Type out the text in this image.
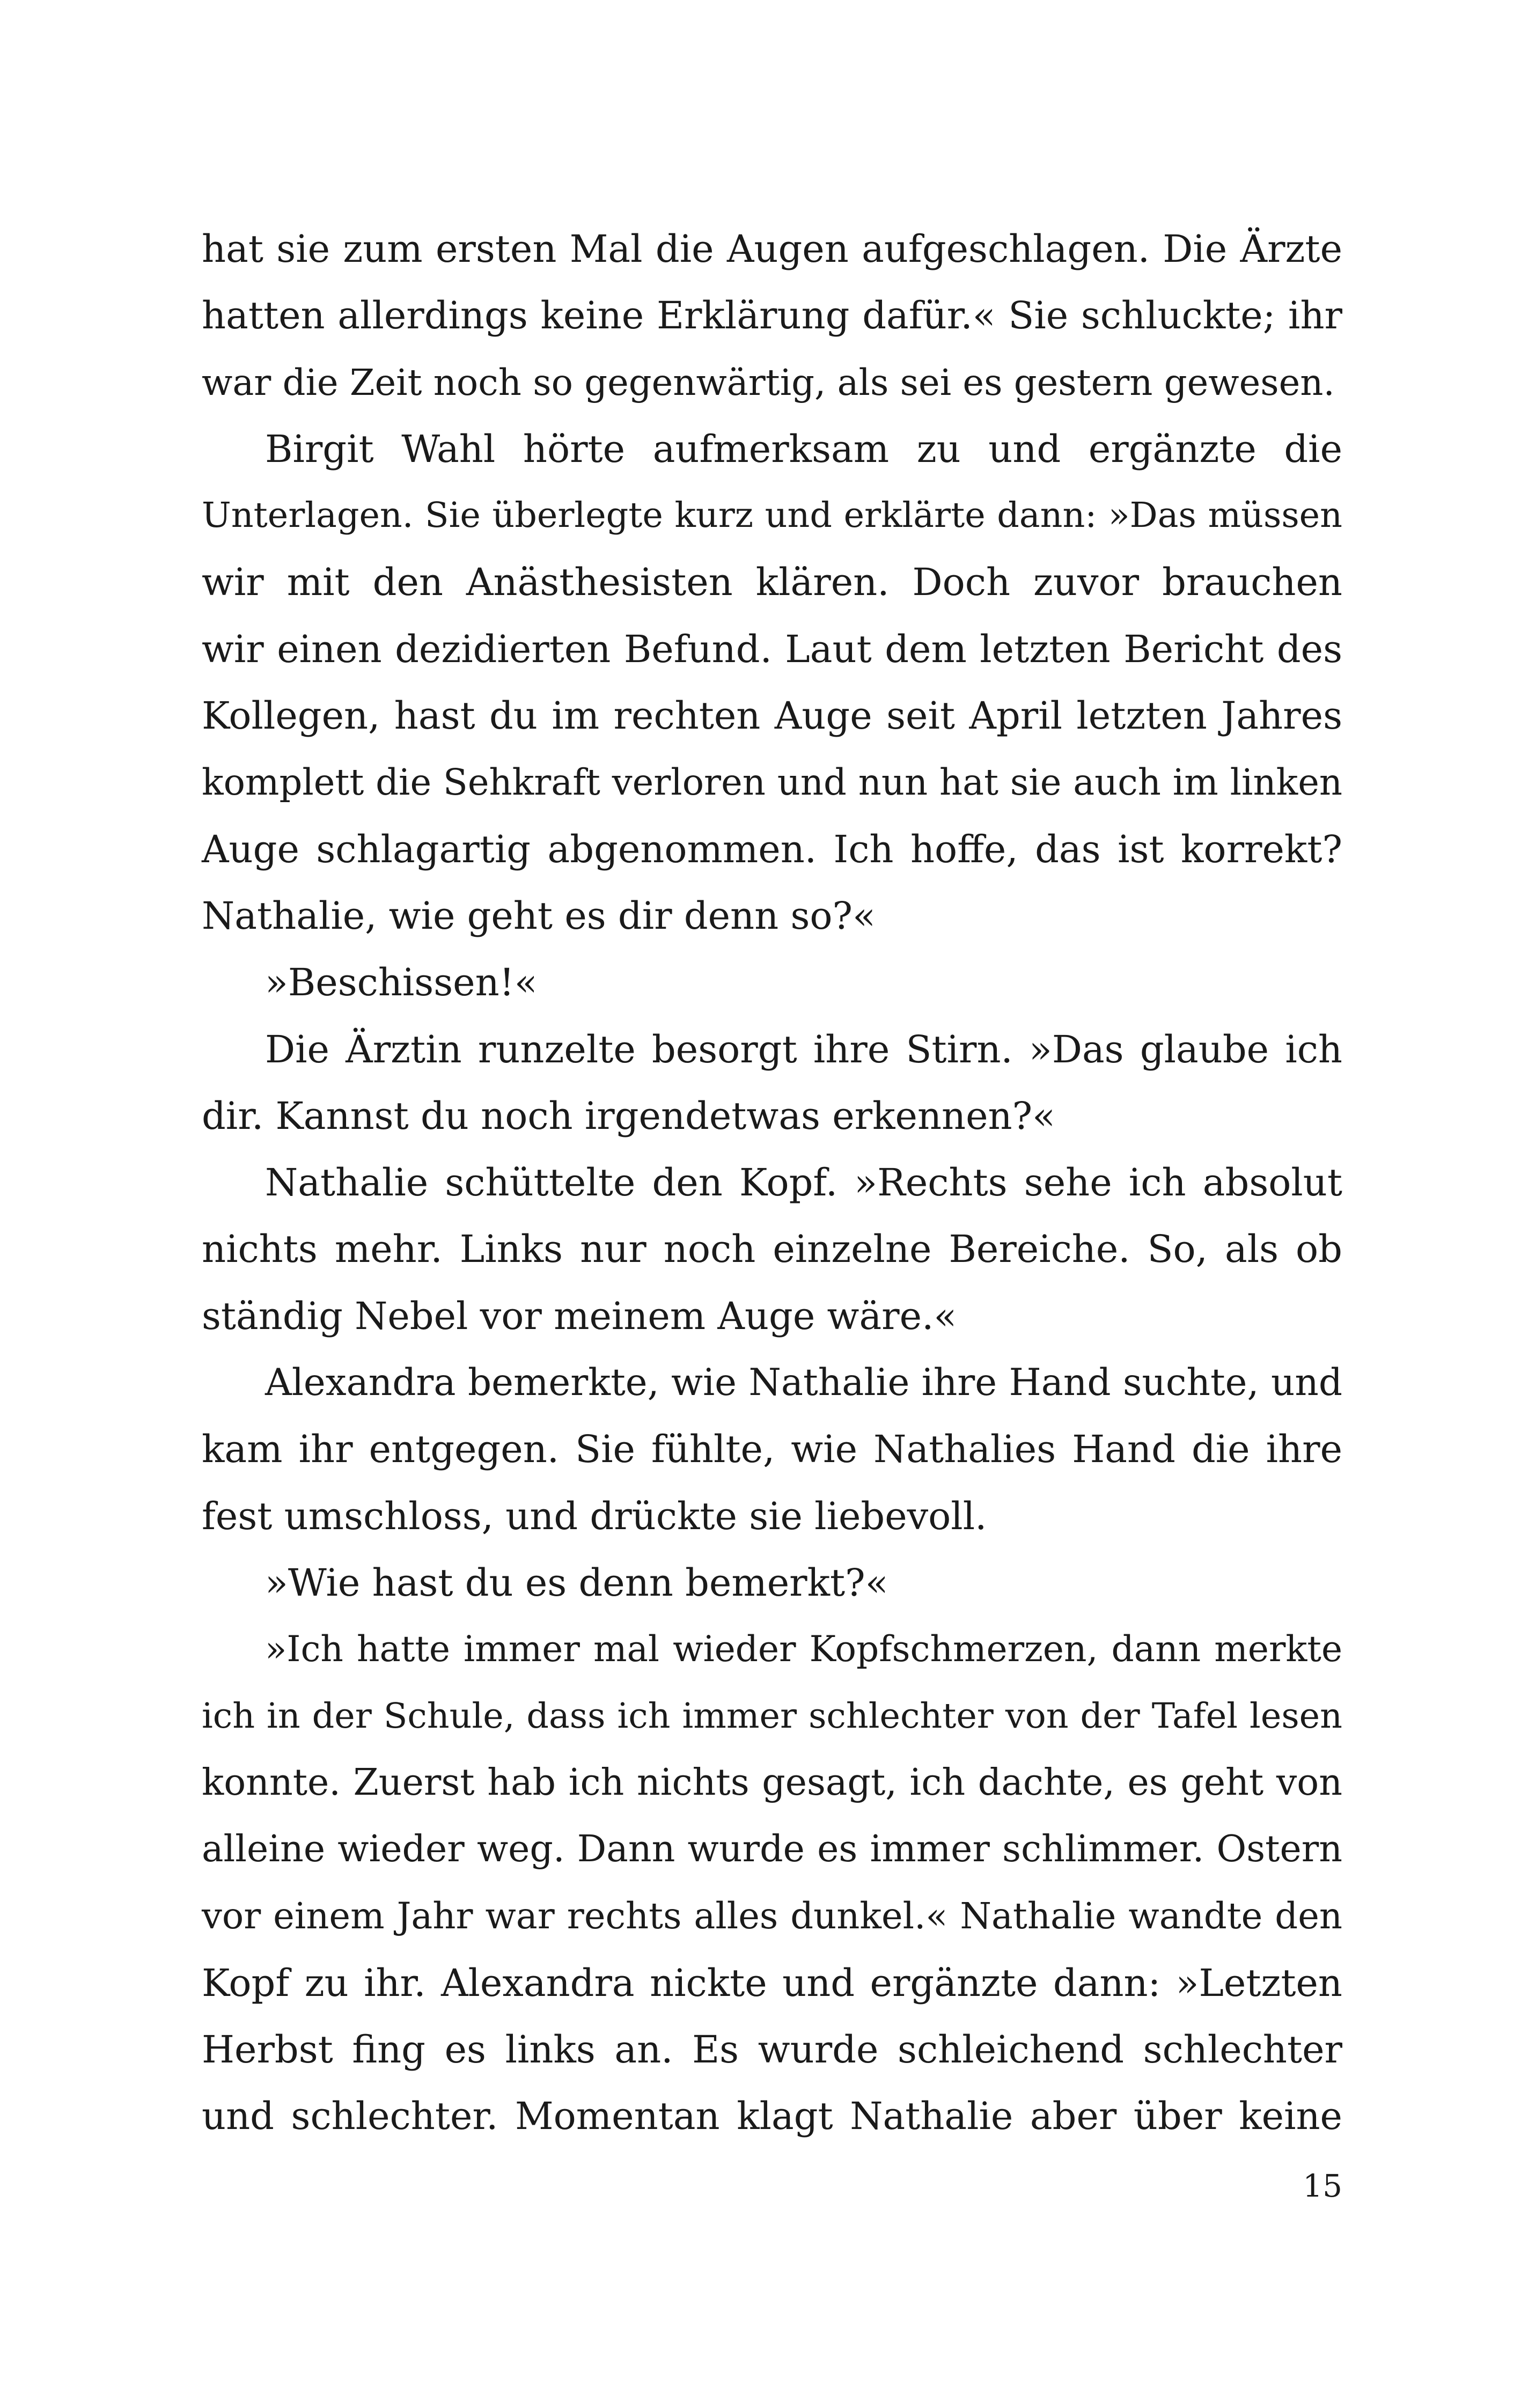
hat sie zum ersten Mal die Augen aufgeschlagen. Die Ärzte
hatten allerdings keine Erklärung dafür.« Sie schluckte; ihr
war die Zeit noch so gegenwärtig, als sei es gestern gewesen.
Birgit Wahl hörte aufmerksam zu und ergänzte die
Unterlagen. Sie überlegte kurz und erklärte dann: »Das müssen
wir mit den Anästhesisten klären. Doch zuvor brauchen
wir einen dezidierten Befund. Laut dem letzten Bericht des
Kollegen, hast du im rechten Auge seit April letzten Jahres
komplett die Sehkraft verloren und nun hat sie auch im linken
Auge schlagartig abgenommen. Ich hoffe, das ist korrekt?
Nathalie, wie geht es dir denn so?«
»Beschissen!«
Die Ärztin runzelte besorgt ihre Stirn. »Das glaube ich
dir. Kannst du noch irgendetwas erkennen?«
Nathalie schüttelte den Kopf. »Rechts sehe ich absolut
nichts mehr. Links nur noch einzelne Bereiche. So, als ob
ständig Nebel vor meinem Auge wäre.«
Alexandra bemerkte, wie Nathalie ihre Hand suchte, und
kam ihr entgegen. Sie fühlte, wie Nathalies Hand die ihre
fest umschloss, und drückte sie liebevoll.
»Wie hast du es denn bemerkt?«
»Ich hatte immer mal wieder Kopfschmerzen, dann merkte
ich in der Schule, dass ich immer schlechter von der Tafel lesen
konnte. Zuerst hab ich nichts gesagt, ich dachte, es geht von
alleine wieder weg. Dann wurde es immer schlimmer. Ostern
vor einem Jahr war rechts alles dunkel.« Nathalie wandte den
Kopf zu ihr. Alexandra nickte und ergänzte dann: »Letzten
Herbst fing es links an. Es wurde schleichend schlechter
und schlechter. Momentan klagt Nathalie aber über keine
15
